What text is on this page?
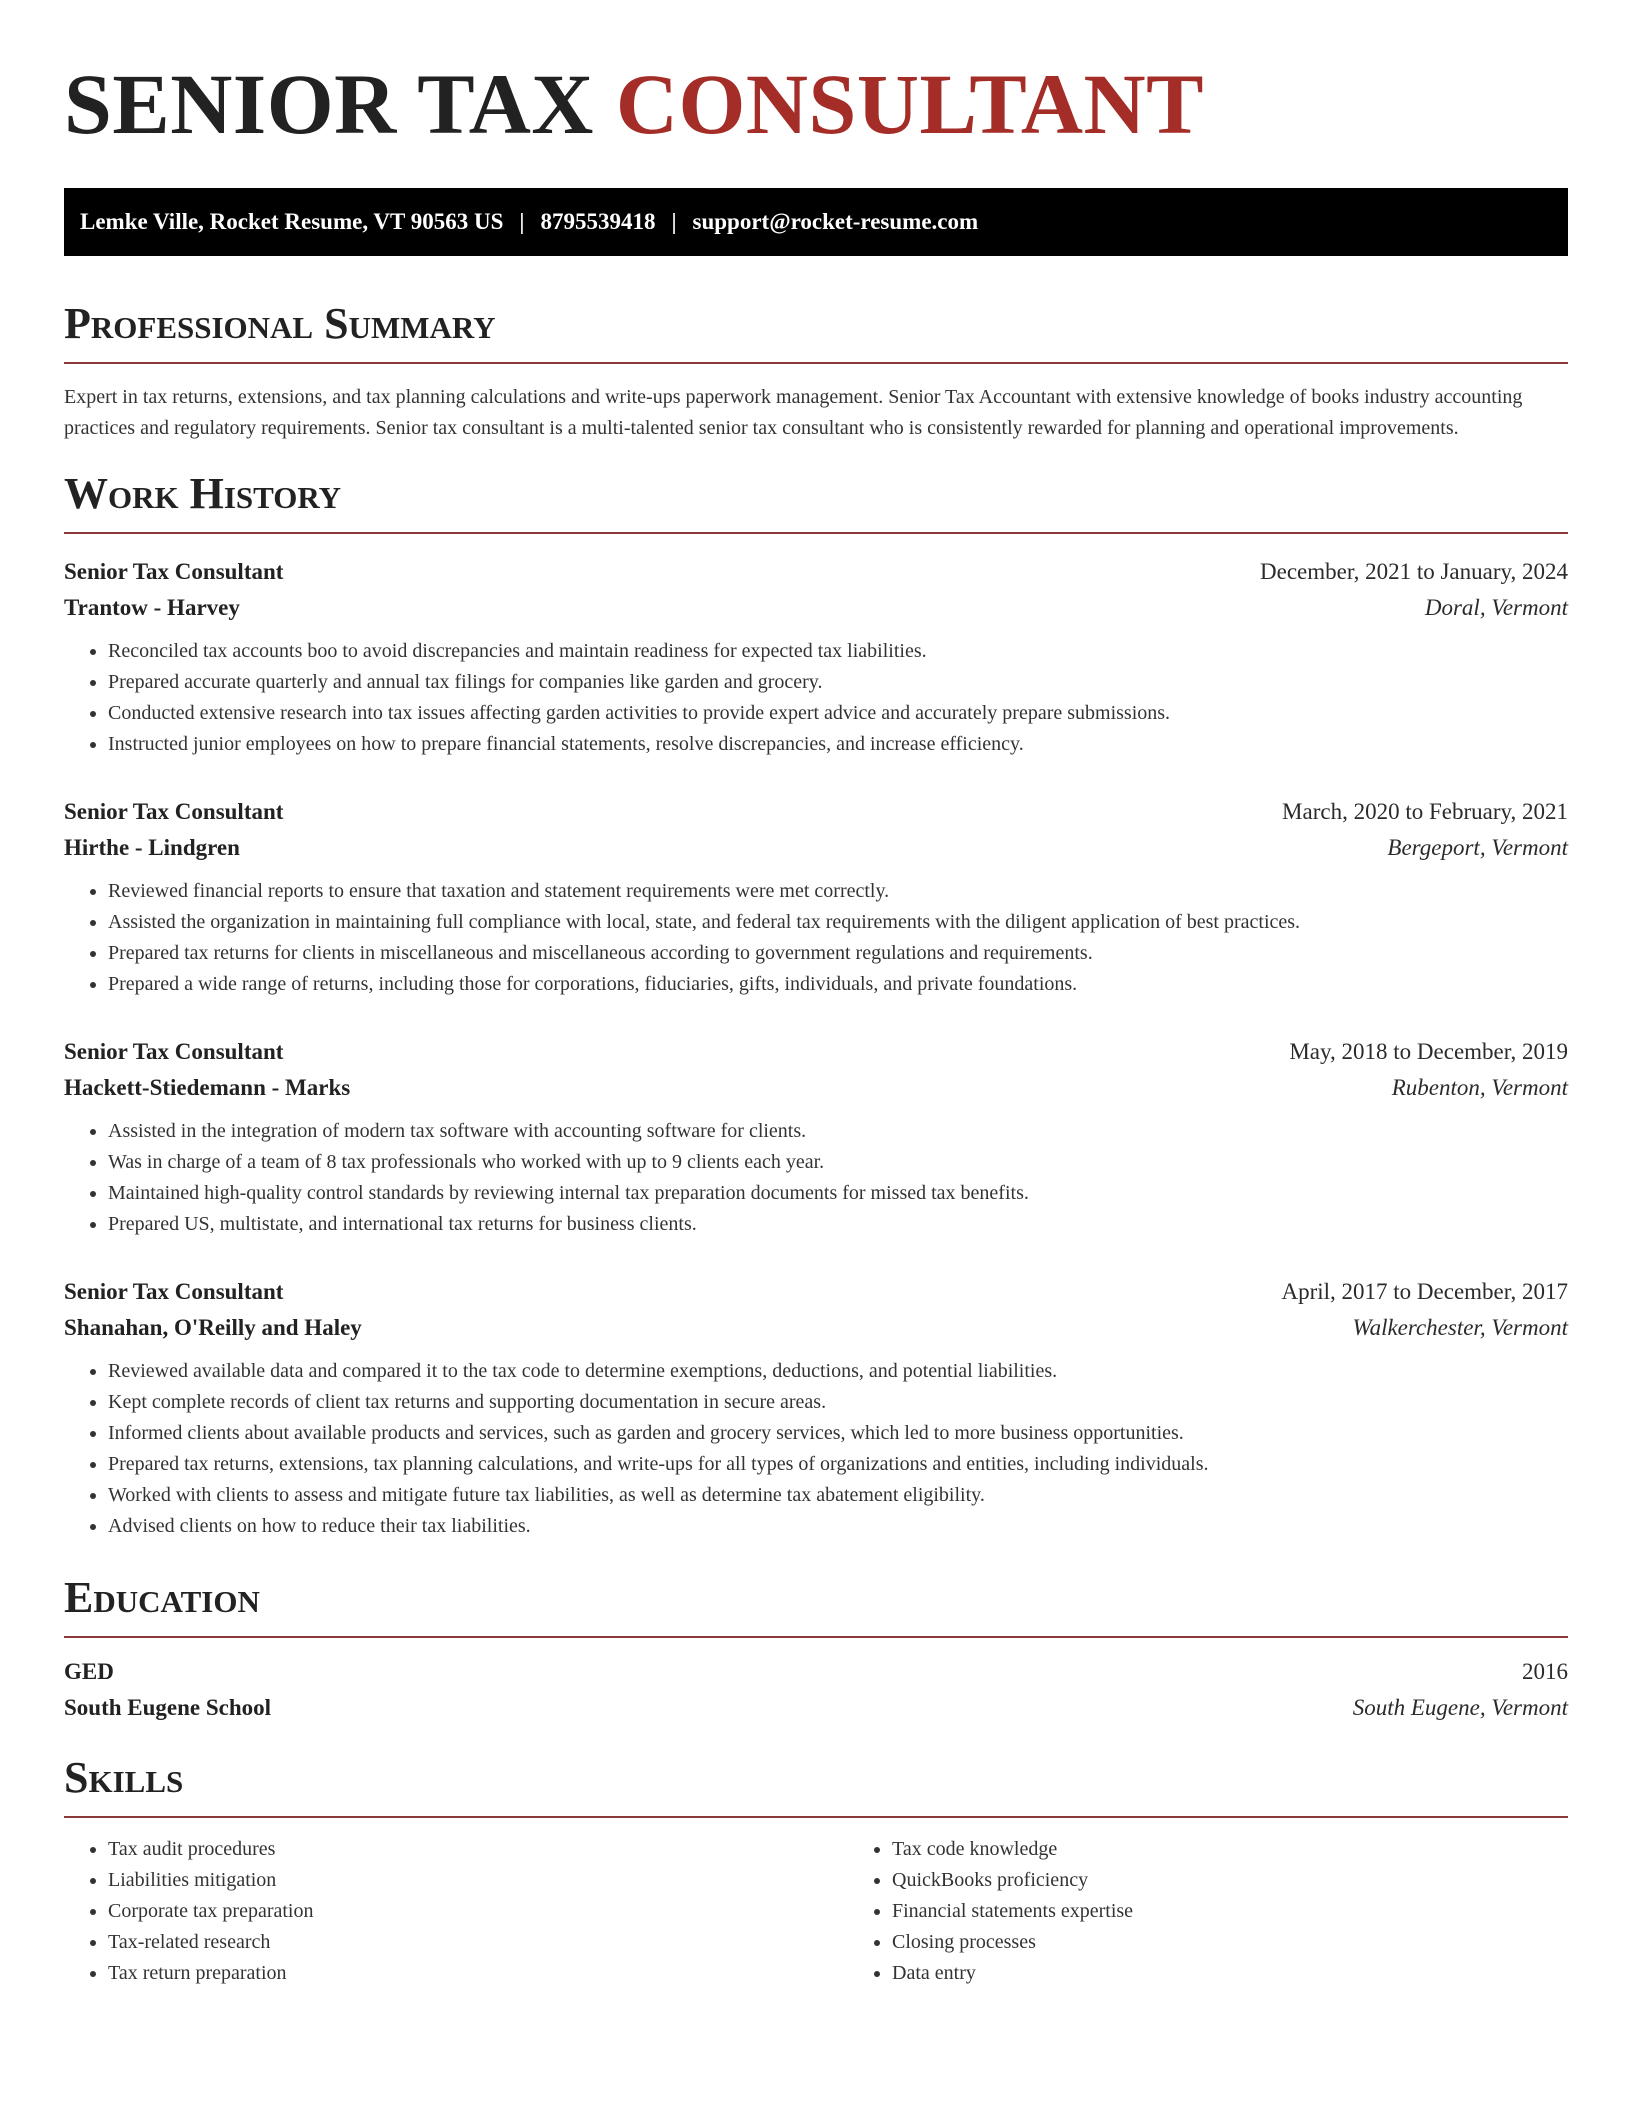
SENIOR TAX CONSULTANT
Lemke Ville, Rocket Resume, VT 90563 US | 8795539418 | support@rocket-resume.com
Professional Summary

Expert in tax returns, extensions, and tax planning calculations and write-ups paperwork management. Senior Tax Accountant with extensive knowledge of books industry accounting practices and regulatory requirements. Senior tax consultant is a multi-talented senior tax consultant who is consistently rewarded for planning and operational improvements.

Work History
Senior Tax Consultant	December, 2021 to January, 2024
Trantow - Harvey	Doral, Vermont
• Reconciled tax accounts boo to avoid discrepancies and maintain readiness for expected tax liabilities.
• Prepared accurate quarterly and annual tax filings for companies like garden and grocery.
• Conducted extensive research into tax issues affecting garden activities to provide expert advice and accurately prepare submissions.
• Instructed junior employees on how to prepare financial statements, resolve discrepancies, and increase efficiency.
Senior Tax Consultant	March, 2020 to February, 2021
Hirthe - Lindgren	Bergeport, Vermont
• Reviewed financial reports to ensure that taxation and statement requirements were met correctly.
• Assisted the organization in maintaining full compliance with local, state, and federal tax requirements with the diligent application of best practices.
• Prepared tax returns for clients in miscellaneous and miscellaneous according to government regulations and requirements.
• Prepared a wide range of returns, including those for corporations, fiduciaries, gifts, individuals, and private foundations.
Senior Tax Consultant	May, 2018 to December, 2019
Hackett-Stiedemann - Marks	Rubenton, Vermont
• Assisted in the integration of modern tax software with accounting software for clients.
• Was in charge of a team of 8 tax professionals who worked with up to 9 clients each year.
• Maintained high-quality control standards by reviewing internal tax preparation documents for missed tax benefits.
• Prepared US, multistate, and international tax returns for business clients.
Senior Tax Consultant	April, 2017 to December, 2017
Shanahan, O'Reilly and Haley	Walkerchester, Vermont
• Reviewed available data and compared it to the tax code to determine exemptions, deductions, and potential liabilities.
• Kept complete records of client tax returns and supporting documentation in secure areas.
• Informed clients about available products and services, such as garden and grocery services, which led to more business opportunities.
• Prepared tax returns, extensions, tax planning calculations, and write-ups for all types of organizations and entities, including individuals.
• Worked with clients to assess and mitigate future tax liabilities, as well as determine tax abatement eligibility.
• Advised clients on how to reduce their tax liabilities.
Education
GED	2016
South Eugene School	South Eugene, Vermont
Skills
• Tax audit procedures
• Liabilities mitigation
• Corporate tax preparation
• Tax-related research
• Tax return preparation
• Tax code knowledge
• QuickBooks proficiency
• Financial statements expertise
• Closing processes
• Data entry
